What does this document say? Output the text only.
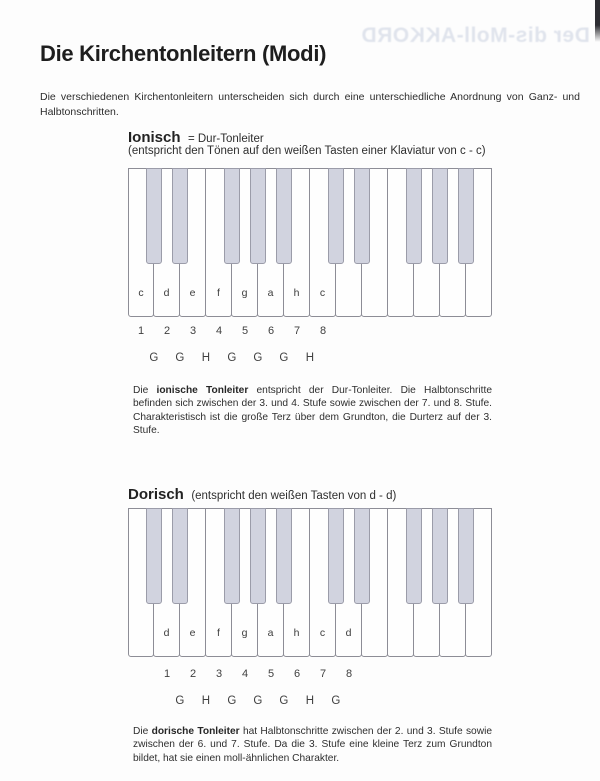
Der dis-Moll-AKKORD
Die Kirchentonleitern (Modi)

Die verschiedenen Kirchentonleitern unterscheiden sich durch eine unterschiedliche Anordnung von Ganz- und Halbtonschritten.

Ionisch = Dur-Tonleiter
(entspricht den Tönen auf den weißen Tasten einer Klaviatur von c - c)
c	d	e	f	g	a	h	c
1	2	3	4	5	6	7	8
G	G	H	G	G	G	H

Die ionische Tonleiter entspricht der Dur-Tonleiter. Die Halbtonschritte befinden sich zwischen der 3. und 4. Stufe sowie zwischen der 7. und 8. Stufe. Charakteristisch ist die große Terz über dem Grundton, die Durterz auf der 3. Stufe.

Dorisch (entspricht den weißen Tasten von d - d)
d	e	f	g	a	h	c	d
1	2	3	4	5	6	7	8
G	H	G	G	G	H	G

Die dorische Tonleiter hat Halbtonschritte zwischen der 2. und 3. Stufe sowie zwischen der 6. und 7. Stufe. Da die 3. Stufe eine kleine Terz zum Grundton bildet, hat sie einen moll-ähnlichen Charakter.
